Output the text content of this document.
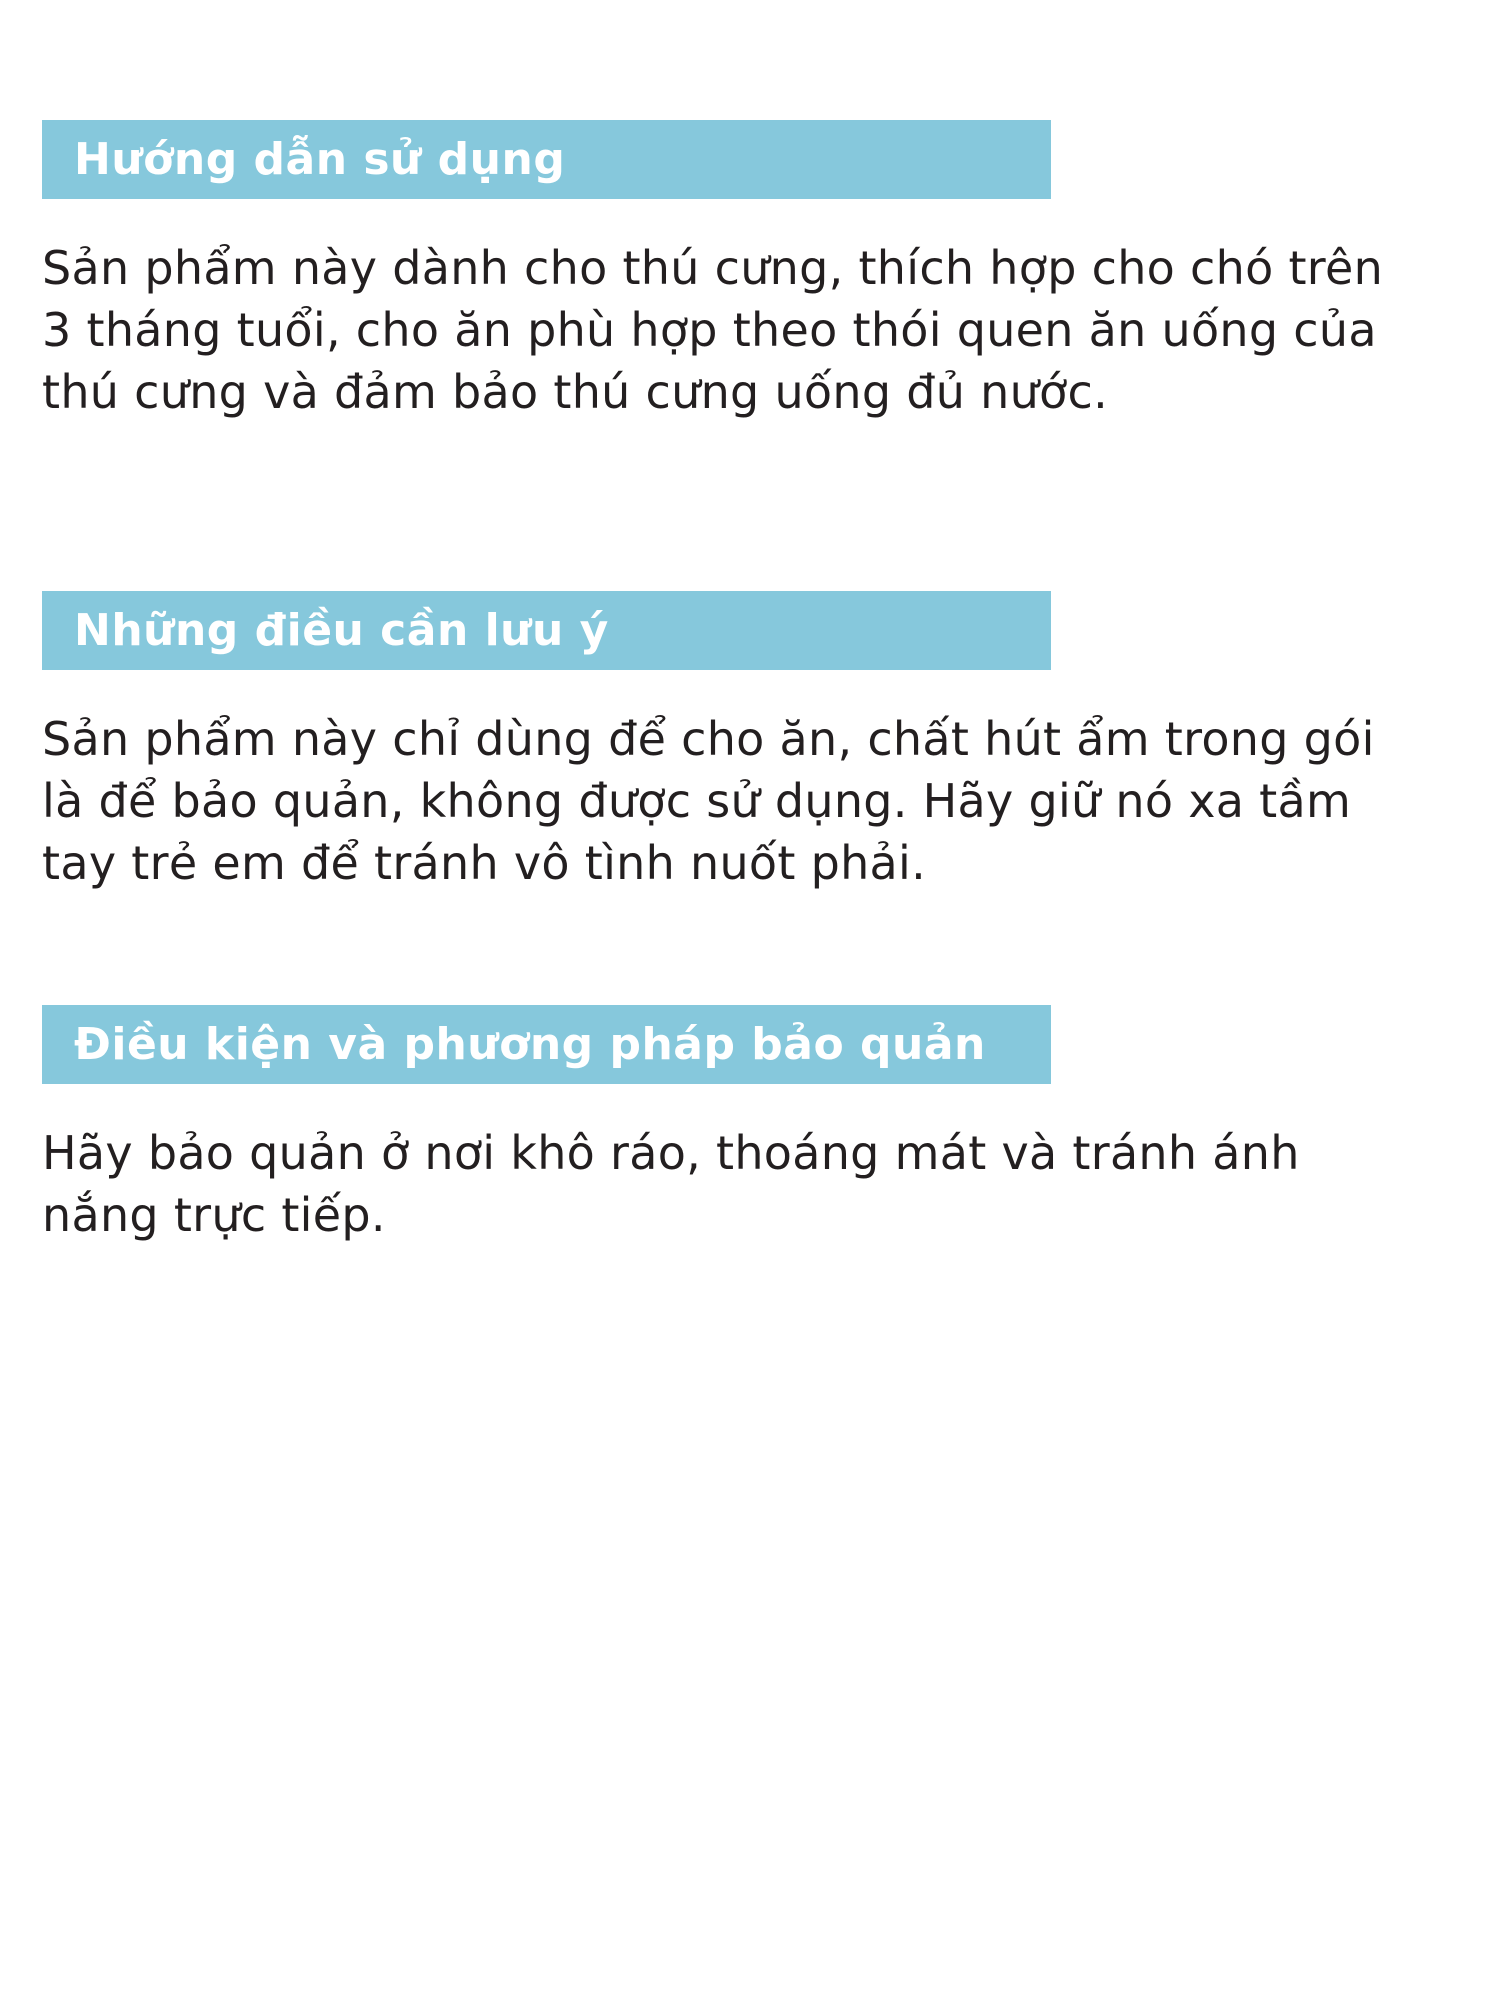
Hướng dẫn sử dụng
Sản phẩm này dành cho thú cưng, thích hợp cho chó trên 3 tháng tuổi, cho ăn phù hợp theo thói quen ăn uống của thú cưng và đảm bảo thú cưng uống đủ nước.
Những điều cần lưu ý
Sản phẩm này chỉ dùng để cho ăn, chất hút ẩm trong gói là để bảo quản, không được sử dụng. Hãy giữ nó xa tầm tay trẻ em để tránh vô tình nuốt phải.
Điều kiện và phương pháp bảo quản
Hãy bảo quản ở nơi khô ráo, thoáng mát và tránh ánh nắng trực tiếp.
